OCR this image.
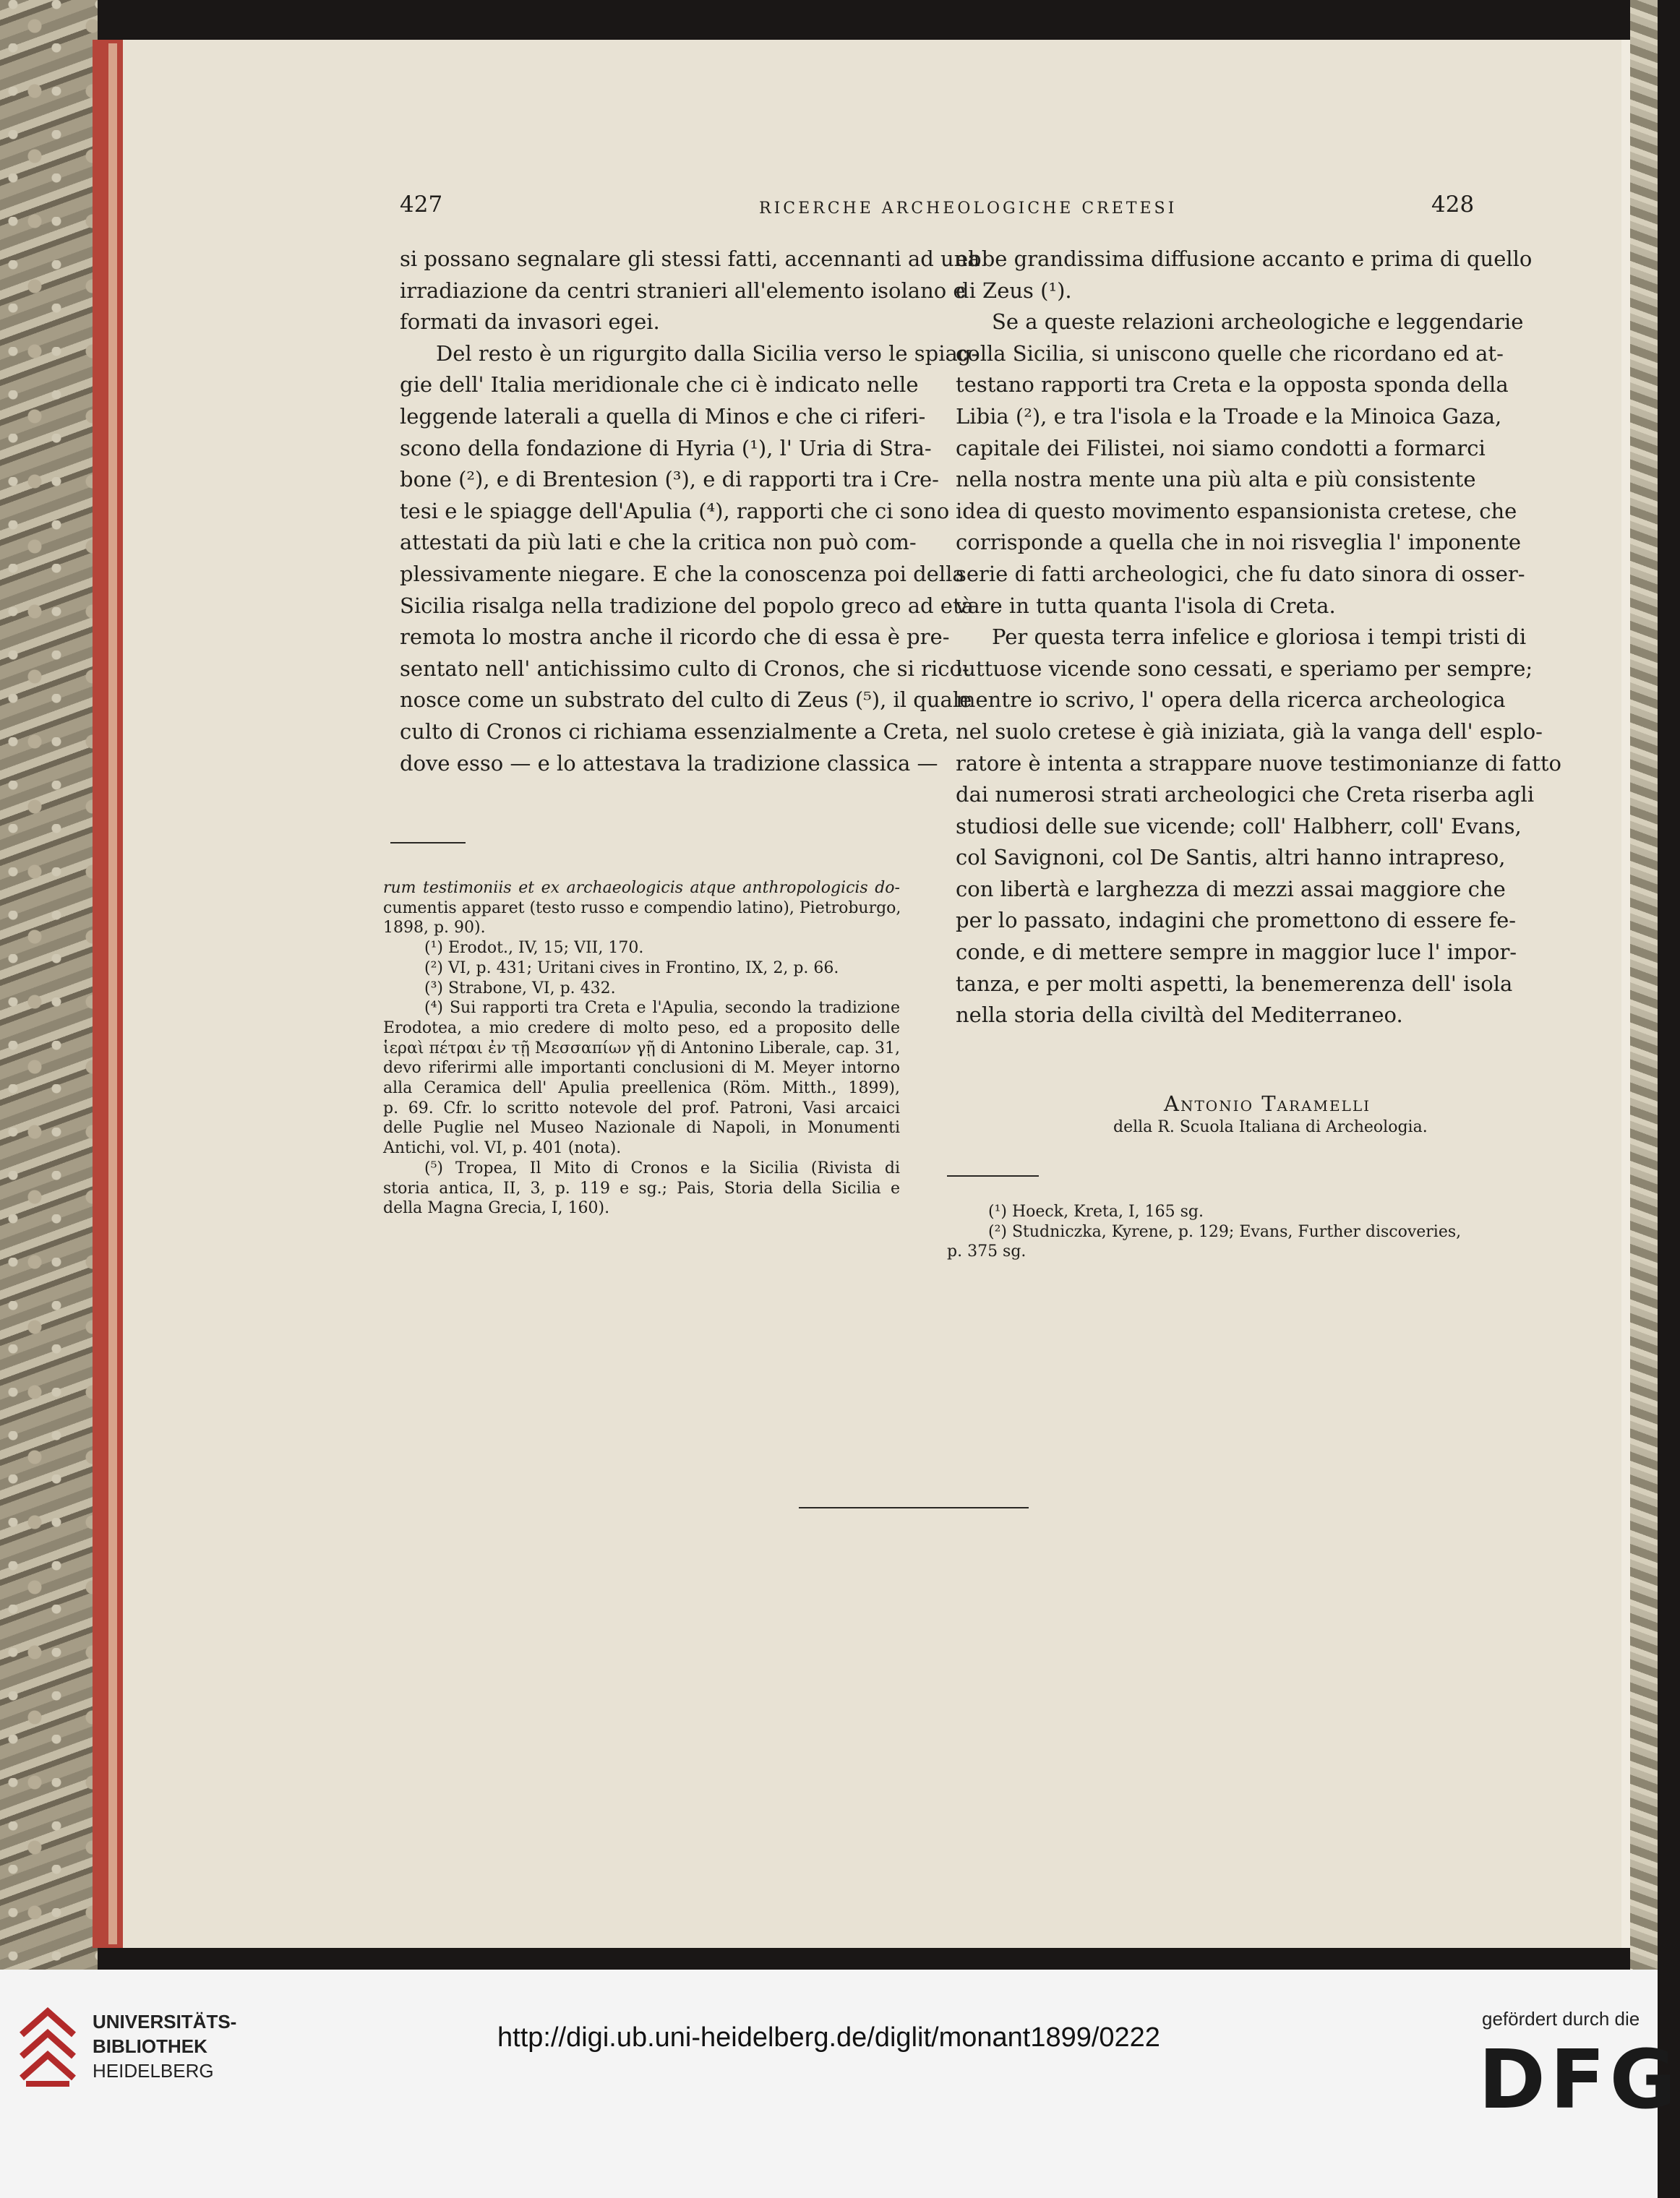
427	RICERCHE ARCHEOLOGICHE CRETESI	428
si possano segnalare gli stessi fatti, accennanti ad una
irradiazione da centri stranieri all'elemento isolano e
formati da invasori egei.
Del resto è un rigurgito dalla Sicilia verso le spiag-
gie dell' Italia meridionale che ci è indicato nelle
leggende laterali a quella di Minos e che ci riferi-
scono della fondazione di Hyria (¹), l' Uria di Stra-
bone (²), e di Brentesion (³), e di rapporti tra i Cre-
tesi e le spiagge dell'Apulia (⁴), rapporti che ci sono
attestati da più lati e che la critica non può com-
plessivamente niegare. E che la conoscenza poi della
Sicilia risalga nella tradizione del popolo greco ad età
remota lo mostra anche il ricordo che di essa è pre-
sentato nell' antichissimo culto di Cronos, che si rico-
nosce come un substrato del culto di Zeus (⁵), il quale
culto di Cronos ci richiama essenzialmente a Creta,
dove esso — e lo attestava la tradizione classica —
rum testimoniis et ex archaeologicis atque anthropologicis do-
cumentis apparet (testo russo e compendio latino), Pietroburgo,
1898, p. 90).
(¹) Erodot., IV, 15; VII, 170.
(²) VI, p. 431; Uritani cives in Frontino, IX, 2, p. 66.
(³) Strabone, VI, p. 432.
(⁴) Sui rapporti tra Creta e l'Apulia, secondo la tradizione
Erodotea, a mio credere di molto peso, ed a proposito delle
ἱεραὶ πέτραι ἐν τῇ Μεσσαπίων γῇ di Antonino Liberale, cap. 31,
devo riferirmi alle importanti conclusioni di M. Meyer intorno
alla Ceramica dell' Apulia preellenica (Röm. Mitth., 1899),
p. 69. Cfr. lo scritto notevole del prof. Patroni, Vasi arcaici
delle Puglie nel Museo Nazionale di Napoli, in Monumenti
Antichi, vol. VI, p. 401 (nota).
(⁵) Tropea, Il Mito di Cronos e la Sicilia (Rivista di
storia antica, II, 3, p. 119 e sg.; Pais, Storia della Sicilia e
della Magna Grecia, I, 160).
ebbe grandissima diffusione accanto e prima di quello
di Zeus (¹).
Se a queste relazioni archeologiche e leggendarie
colla Sicilia, si uniscono quelle che ricordano ed at-
testano rapporti tra Creta e la opposta sponda della
Libia (²), e tra l'isola e la Troade e la Minoica Gaza,
capitale dei Filistei, noi siamo condotti a formarci
nella nostra mente una più alta e più consistente
idea di questo movimento espansionista cretese, che
corrisponde a quella che in noi risveglia l' imponente
serie di fatti archeologici, che fu dato sinora di osser-
vare in tutta quanta l'isola di Creta.
Per questa terra infelice e gloriosa i tempi tristi di
luttuose vicende sono cessati, e speriamo per sempre;
mentre io scrivo, l' opera della ricerca archeologica
nel suolo cretese è già iniziata, già la vanga dell' esplo-
ratore è intenta a strappare nuove testimonianze di fatto
dai numerosi strati archeologici che Creta riserba agli
studiosi delle sue vicende; coll' Halbherr, coll' Evans,
col Savignoni, col De Santis, altri hanno intrapreso,
con libertà e larghezza di mezzi assai maggiore che
per lo passato, indagini che promettono di essere fe-
conde, e di mettere sempre in maggior luce l' impor-
tanza, e per molti aspetti, la benemerenza dell' isola
nella storia della civiltà del Mediterraneo.
Antonio Taramelli
della R. Scuola Italiana di Archeologia.
(¹) Hoeck, Kreta, I, 165 sg.
(²) Studniczka, Kyrene, p. 129; Evans, Further discoveries,
p. 375 sg.
UNIVERSITÄTS-
BIBLIOTHEK
HEIDELBERG
http://digi.ub.uni-heidelberg.de/diglit/monant1899/0222
gefördert durch die
DFG
